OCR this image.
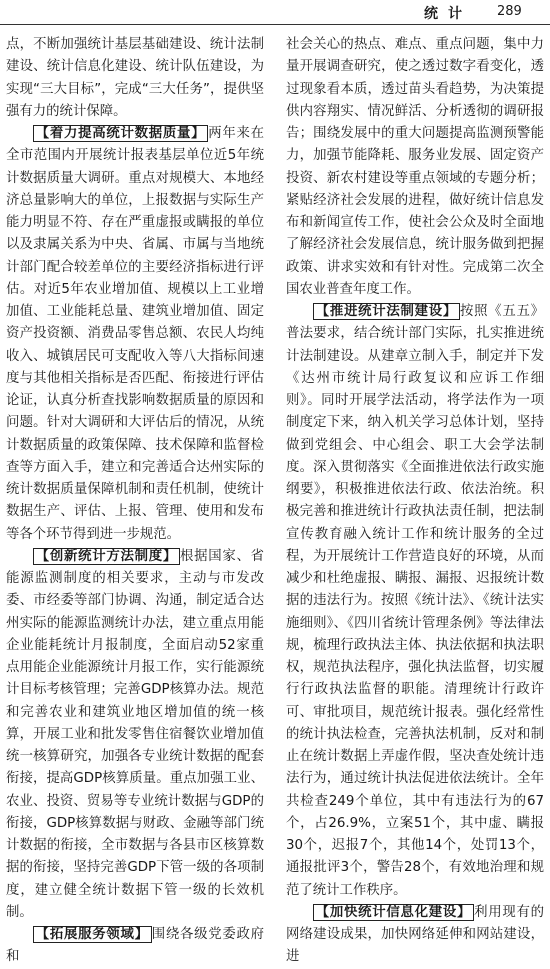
统计 289

点，不断加强统计基层基础建设、统计法制建设、统计信息化建设、统计队伍建设，为实现“三大目标”，完成“三大任务”，提供坚强有力的统计保障。

【着力提高统计数据质量】 两年来在全市范围内开展统计报表基层单位近5年统计数据质量大调研。重点对规模大、本地经济总量影响大的单位，上报数据与实际生产能力明显不符、存在严重虚报或瞒报的单位以及隶属关系为中央、省属、市属与当地统计部门配合较差单位的主要经济指标进行评估。对近5年农业增加值、规模以上工业增加值、工业能耗总量、建筑业增加值、固定资产投资额、消费品零售总额、农民人均纯收入、城镇居民可支配收入等八大指标间速度与其他相关指标是否匹配、衔接进行评估论证，认真分析查找影响数据质量的原因和问题。针对大调研和大评估后的情况，从统计数据质量的政策保障、技术保障和监督检查等方面入手，建立和完善适合达州实际的统计数据质量保障机制和责任机制，使统计数据生产、评估、上报、管理、使用和发布等各个环节得到进一步规范。

【创新统计方法制度】 根据国家、省能源监测制度的相关要求，主动与市发改委、市经委等部门协调、沟通，制定适合达州实际的能源监测统计办法，建立重点用能企业能耗统计月报制度，全面启动52家重点用能企业能源统计月报工作，实行能源统计目标考核管理；完善GDP核算办法。规范和完善农业和建筑业地区增加值的统一核算，开展工业和批发零售住宿餐饮业增加值统一核算研究，加强各专业统计数据的配套衔接，提高GDP核算质量。重点加强工业、农业、投资、贸易等专业统计数据与GDP的衔接，GDP核算数据与财政、金融等部门统计数据的衔接，全市数据与各县市区核算数据的衔接，坚持完善GDP下管一级的各项制度，建立健全统计数据下管一级的长效机制。

【拓展服务领域】 围绕各级党委政府和

社会关心的热点、难点、重点问题，集中力量开展调查研究，使之透过数字看变化，透过现象看本质，透过苗头看趋势，为决策提供内容翔实、情况鲜活、分析透彻的调研报告；围绕发展中的重大问题提高监测预警能力，加强节能降耗、服务业发展、固定资产投资、新农村建设等重点领域的专题分析；紧贴经济社会发展的进程，做好统计信息发布和新闻宣传工作，使社会公众及时全面地了解经济社会发展信息，统计服务做到把握政策、讲求实效和有针对性。完成第二次全国农业普查年度工作。

【推进统计法制建设】 按照《五五》普法要求，结合统计部门实际，扎实推进统计法制建设。从建章立制入手，制定并下发《达州市统计局行政复议和应诉工作细则》。同时开展学法活动，将学法作为一项制度定下来，纳入机关学习总体计划，坚持做到党组会、中心组会、职工大会学法制度。深入贯彻落实《全面推进依法行政实施纲要》，积极推进依法行政、依法治统。积极完善和推进统计行政执法责任制，把法制宣传教育融入统计工作和统计服务的全过程，为开展统计工作营造良好的环境，从而减少和杜绝虚报、瞒报、漏报、迟报统计数据的违法行为。按照《统计法》、《统计法实施细则》、《四川省统计管理条例》等法律法规，梳理行政执法主体、执法依据和执法职权，规范执法程序，强化执法监督，切实履行行政执法监督的职能。清理统计行政许可、审批项目，规范统计报表。强化经常性的统计执法检查，完善执法机制，反对和制止在统计数据上弄虚作假，坚决查处统计违法行为，通过统计执法促进依法统计。全年共检查249个单位，其中有违法行为的67个，占26.9%，立案51个，其中虚、瞒报30个，迟报7个，其他14个，处罚13个，通报批评3个，警告28个，有效地治理和规范了统计工作秩序。

【加快统计信息化建设】 利用现有的网络建设成果，加快网络延伸和网站建设，进
